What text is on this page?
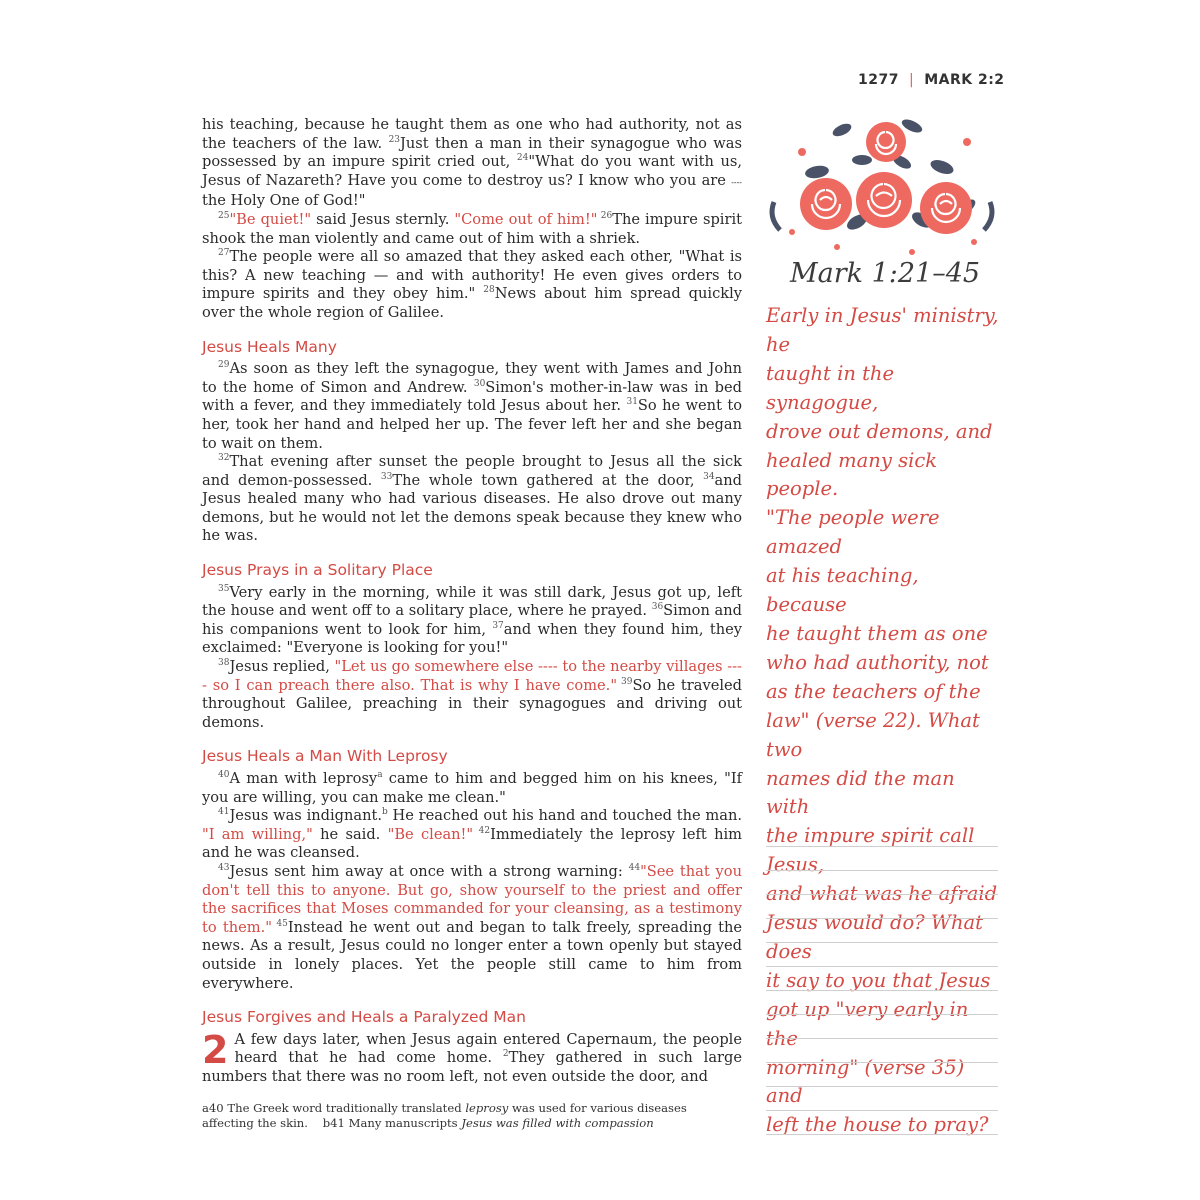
1277 | MARK 2:2

his teaching, because he taught them as one who had authority, not as the teachers of the law. $^{23}$Just then a man in their synagogue who was possessed by an impure spirit cried out, $^{24}$"What do you want with us, Jesus of Nazareth? Have you come to destroy us? I know who you are ---- the Holy One of God!"

$^{25}$"Be quiet!" said Jesus sternly. "Come out of him!" $^{26}$The impure spirit shook the man violently and came out of him with a shriek.

$^{27}$The people were all so amazed that they asked each other, "What is this? A new teaching — and with authority! He even gives orders to impure spirits and they obey him." $^{28}$News about him spread quickly over the whole region of Galilee.

Jesus Heals Many

$^{29}$As soon as they left the synagogue, they went with James and John to the home of Simon and Andrew. $^{30}$Simon's mother-in-law was in bed with a fever, and they immediately told Jesus about her. $^{31}$So he went to her, took her hand and helped her up. The fever left her and she began to wait on them.

$^{32}$That evening after sunset the people brought to Jesus all the sick and demon-possessed. $^{33}$The whole town gathered at the door, $^{34}$and Jesus healed many who had various diseases. He also drove out many demons, but he would not let the demons speak because they knew who he was.

Jesus Prays in a Solitary Place

$^{35}$Very early in the morning, while it was still dark, Jesus got up, left the house and went off to a solitary place, where he prayed. $^{36}$Simon and his companions went to look for him, $^{37}$and when they found him, they exclaimed: "Everyone is looking for you!"

$^{38}$Jesus replied, "Let us go somewhere else ---- to the nearby villages ---- so I can preach there also. That is why I have come." $^{39}$So he traveled throughout Galilee, preaching in their synagogues and driving out demons.

Jesus Heals a Man With Leprosy

$^{40}$A man with leprosy$^a$ came to him and begged him on his knees, "If you are willing, you can make me clean."

$^{41}$Jesus was indignant.$^b$ He reached out his hand and touched the man. "I am willing," he said. "Be clean!" $^{42}$Immediately the leprosy left him and he was cleansed.

$^{43}$Jesus sent him away at once with a strong warning: $^{44}$"See that you don't tell this to anyone. But go, show yourself to the priest and offer the sacrifices that Moses commanded for your cleansing, as a testimony to them." $^{45}$Instead he went out and began to talk freely, spreading the news. As a result, Jesus could no longer enter a town openly but stayed outside in lonely places. Yet the people still came to him from everywhere.

Jesus Forgives and Heals a Paralyzed Man
2 A few days later, when Jesus again entered Capernaum, the people heard that he had come home. $^2$They gathered in such large numbers that there was no room left, not even outside the door, and

a40 The Greek word traditionally translated leprosy was used for various diseases affecting the skin. b41 Many manuscripts Jesus was filled with compassion
Mark 1:21–45
Early in Jesus' ministry, he
taught in the synagogue,
drove out demons, and
healed many sick people.
"The people were amazed
at his teaching, because
he taught them as one
who had authority, not
as the teachers of the
law" (verse 22). What two
names did the man with
the impure spirit call Jesus,
and what was he afraid
Jesus would do? What does
it say to you that Jesus
got up "very early in the
morning" (verse 35) and
left the house to pray?
